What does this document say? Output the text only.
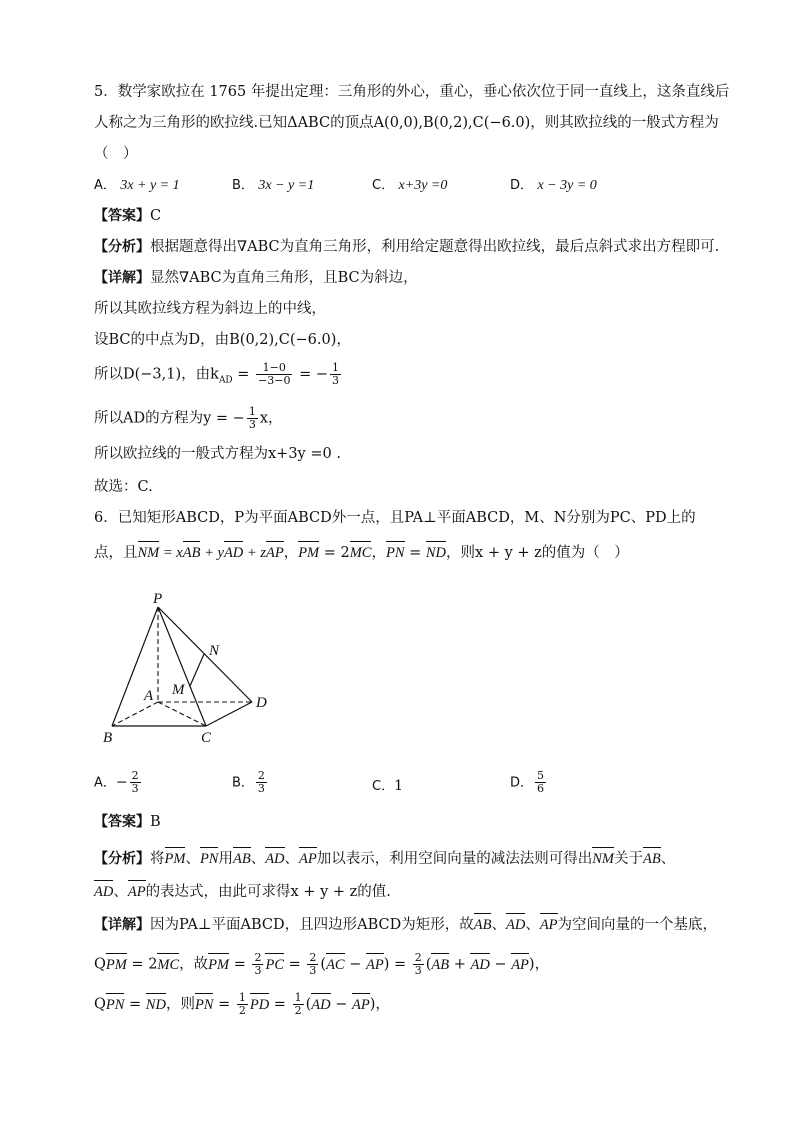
5．数学家欧拉在 1765 年提出定理：三角形的外心，重心，垂心依次位于同一直线上，这条直线后
人称之为三角形的欧拉线.已知ΔABC的顶点A(0,0),B(0,2),C(−6.0)，则其欧拉线的一般式方程为
（　）
A． 3x + y = 1	B． 3x − y =1	C． x+3y =0	D． x − 3y = 0
【答案】C
【分析】根据题意得出∇ABC为直角三角形，利用给定题意得出欧拉线，最后点斜式求出方程即可.
【详解】显然∇ABC为直角三角形，且BC为斜边，
所以其欧拉线方程为斜边上的中线，
设BC的中点为D，由B(0,2),C(−6.0)，
所以D(−3,1)，由$k_{AD} = \frac{1-0}{-3-0}$ = − $\frac{1}{3}$
所以AD的方程为y = − $\frac{1}{3}$ x，
所以欧拉线的一般式方程为x+3y =0 .
故选：C.
6．已知矩形ABCD，P为平面ABCD外一点，且PA⊥平面ABCD，M、N分别为PC、PD上的
点，且NM = xAB + yAD + zAP，PM = 2MC，PN = ND，则x + y + z的值为（　）
P
N
A M
D
B	C
A．− $\frac{2}{3}$	B． $\frac{2}{3}$	C．1	D． $\frac{5}{6}$
【答案】B
【分析】将PM、PN用AB、AD、AP加以表示，利用空间向量的减法法则可得出NM关于AB、
AD、AP的表达式，由此可求得x + y + z的值.
【详解】因为PA⊥平面ABCD，且四边形ABCD为矩形，故AB、AD、AP为空间向量的一个基底，
QPM = 2MC，故PM = $\frac{2}{3}$ PC = $\frac{2}{3} (AC - AP) = \frac{2}{3} (AB$ + AD − AP)，
QPN = ND，则PN = $\frac{1}{2}$ PD = $\frac{1}{2} (AD - AP)$，
